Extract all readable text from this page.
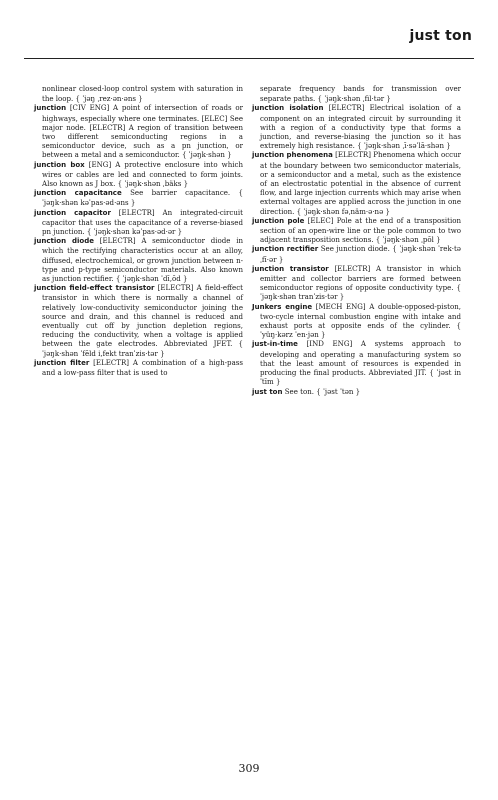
just ton

nonlinear closed-loop control system with saturation in the loop. { ˈjəŋ ˌrez·ən·əns }

junction [CIV ENG] A point of intersection of roads or highways, especially where one terminates. [ELEC] See major node. [ELECTR] A region of transition between two different semiconducting regions in a semiconductor device, such as a pn junction, or between a metal and a semiconductor. { ˈjəŋk·shən }

junction box [ENG] A protective enclosure into which wires or cables are led and connected to form joints. Also known as J box. { ˈjəŋk·shən ˌbäks }

junction capacitance See barrier capacitance. { ˈjəŋk·shən kəˈpas·əd·əns }

junction capacitor [ELECTR] An integrated-circuit capacitor that uses the capacitance of a reverse-biased pn junction. { ˈjəŋk·shən kəˈpas·əd·ər }

junction diode [ELECTR] A semiconductor diode in which the rectifying characteristics occur at an alloy, diffused, electrochemical, or grown junction between n-type and p-type semiconductor materials. Also known as junction rectifier. { ˈjəŋk·shən ˈdī‚ōd }

junction field-effect transistor [ELECTR] A field-effect transistor in which there is normally a channel of relatively low-conductivity semiconductor joining the source and drain, and this channel is reduced and eventually cut off by junction depletion regions, reducing the conductivity, when a voltage is applied between the gate electrodes. Abbreviated JFET. { ˈjəŋk·shən ˈfēld i‚fekt tranˈzis·tər }

junction filter [ELECTR] A combination of a high-pass and a low-pass filter that is used to

separate frequency bands for transmission over separate paths. { ˈjəŋk·shən ˌfil·tər }

junction isolation [ELECTR] Electrical isolation of a component on an integrated circuit by surrounding it with a region of a conductivity type that forms a junction, and reverse-biasing the junction so it has extremely high resistance. { ˈjəŋk·shən ˌī·səˈlā·shən }

junction phenomena [ELECTR] Phenomena which occur at the boundary between two semiconductor materials, or a semiconductor and a metal, such as the existence of an electrostatic potential in the absence of current flow, and large injection currents which may arise when external voltages are applied across the junction in one direction. { ˈjəŋk·shən fəˌnäm·ə·nə }

junction pole [ELEC] Pole at the end of a transposition section of an open-wire line or the pole common to two adjacent transposition sections. { ˈjəŋk·shən ˌpōl }

junction rectifier See junction diode. { ˈjəŋk·shən ˈrek·təˌfī·ər }

junction transistor [ELECTR] A transistor in which emitter and collector barriers are formed between semiconductor regions of opposite conductivity type. { ˈjəŋk·shən tranˈzis·tər }

Junkers engine [MECH ENG] A double-opposed-piston, two-cycle internal combustion engine with intake and exhaust ports at opposite ends of the cylinder. { ˈyüŋ·kərz ˈen·jən }

just-in-time [IND ENG] A systems approach to developing and operating a manufacturing system so that the least amount of resources is expended in producing the final products. Abbreviated JIT. { ˈjəst in ˈtīm }

just ton See ton. { ˈjəst ˈtən }

309
